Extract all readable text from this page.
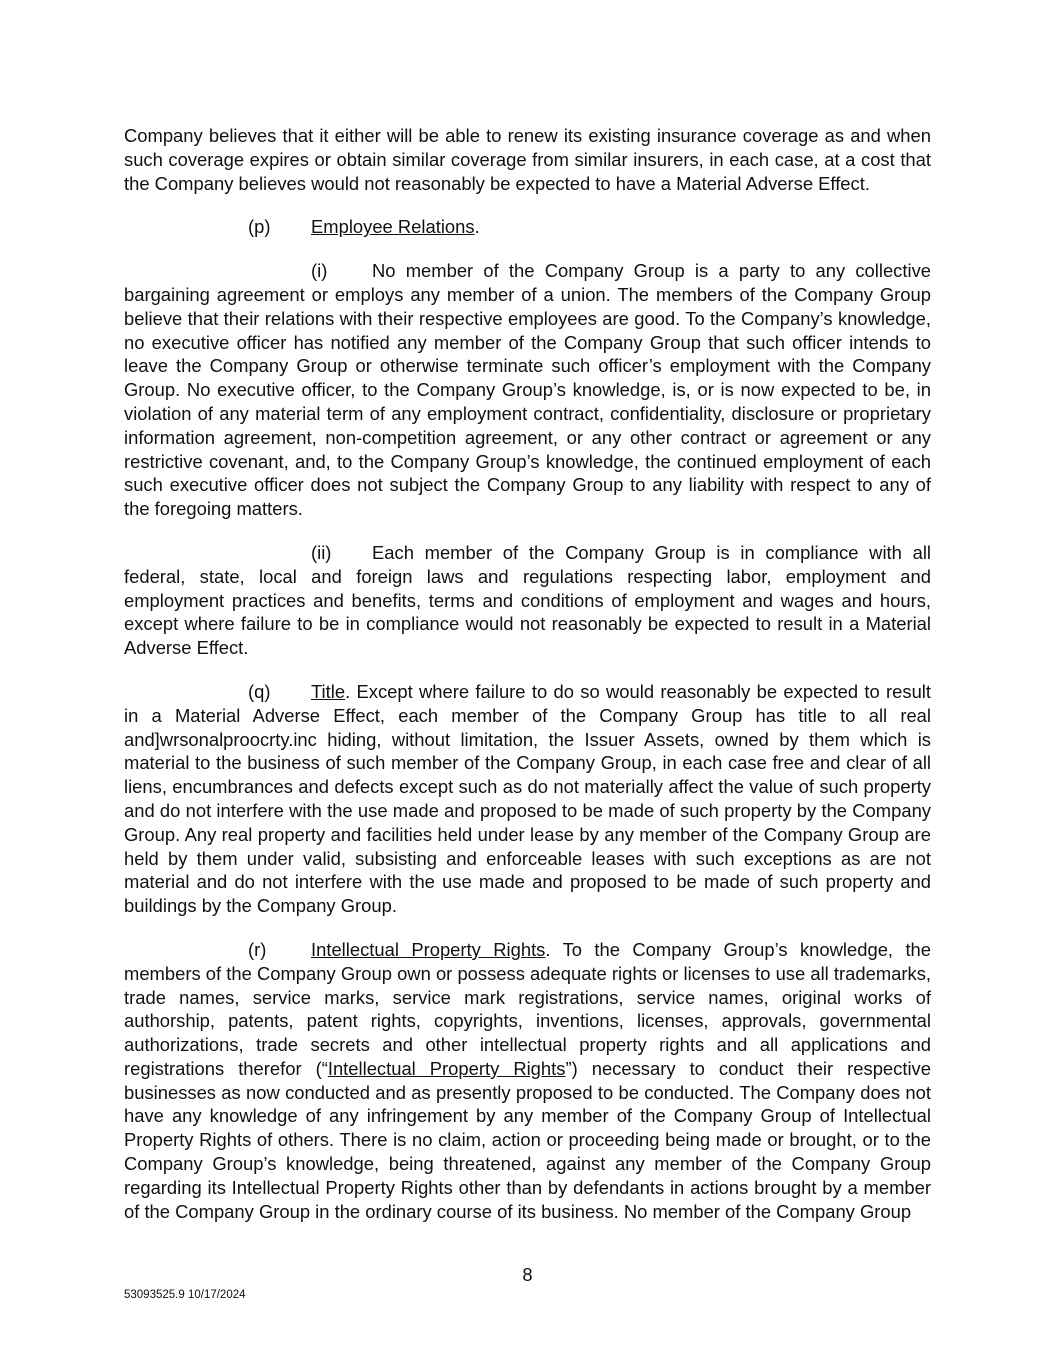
Company believes that it either will be able to renew its existing insurance coverage as and when such coverage expires or obtain similar coverage from similar insurers, in each case, at a cost that the Company believes would not reasonably be expected to have a Material Adverse Effect.

(p) Employee Relations.

(i) No member of the Company Group is a party to any collective bargaining agreement or employs any member of a union. The members of the Company Group believe that their relations with their respective employees are good. To the Company’s knowledge, no executive officer has notified any member of the Company Group that such officer intends to leave the Company Group or otherwise terminate such officer’s employment with the Company Group. No executive officer, to the Company Group’s knowledge, is, or is now expected to be, in violation of any material term of any employment contract, confidentiality, disclosure or proprietary information agreement, non-competition agreement, or any other contract or agreement or any restrictive covenant, and, to the Company Group’s knowledge, the continued employment of each such executive officer does not subject the Company Group to any liability with respect to any of the foregoing matters.

(ii) Each member of the Company Group is in compliance with all federal, state, local and foreign laws and regulations respecting labor, employment and employment practices and benefits, terms and conditions of employment and wages and hours, except where failure to be in compliance would not reasonably be expected to result in a Material Adverse Effect.

(q) Title. Except where failure to do so would reasonably be expected to result in a Material Adverse Effect, each member of the Company Group has title to all real and]wrsonalproocrty.inc hiding, without limitation, the Issuer Assets, owned by them which is material to the business of such member of the Company Group, in each case free and clear of all liens, encumbrances and defects except such as do not materially affect the value of such property and do not interfere with the use made and proposed to be made of such property by the Company Group. Any real property and facilities held under lease by any member of the Company Group are held by them under valid, subsisting and enforceable leases with such exceptions as are not material and do not interfere with the use made and proposed to be made of such property and buildings by the Company Group.

(r) Intellectual Property Rights. To the Company Group’s knowledge, the members of the Company Group own or possess adequate rights or licenses to use all trademarks, trade names, service marks, service mark registrations, service names, original works of authorship, patents, patent rights, copyrights, inventions, licenses, approvals, governmental authorizations, trade secrets and other intellectual property rights and all applications and registrations therefor (“Intellectual Property Rights”) necessary to conduct their respective businesses as now conducted and as presently proposed to be conducted. The Company does not have any knowledge of any infringement by any member of the Company Group of Intellectual Property Rights of others. There is no claim, action or proceeding being made or brought, or to the Company Group’s knowledge, being threatened, against any member of the Company Group regarding its Intellectual Property Rights other than by defendants in actions brought by a member of the Company Group in the ordinary course of its business. No member of the Company Group

8
53093525.9 10/17/2024
